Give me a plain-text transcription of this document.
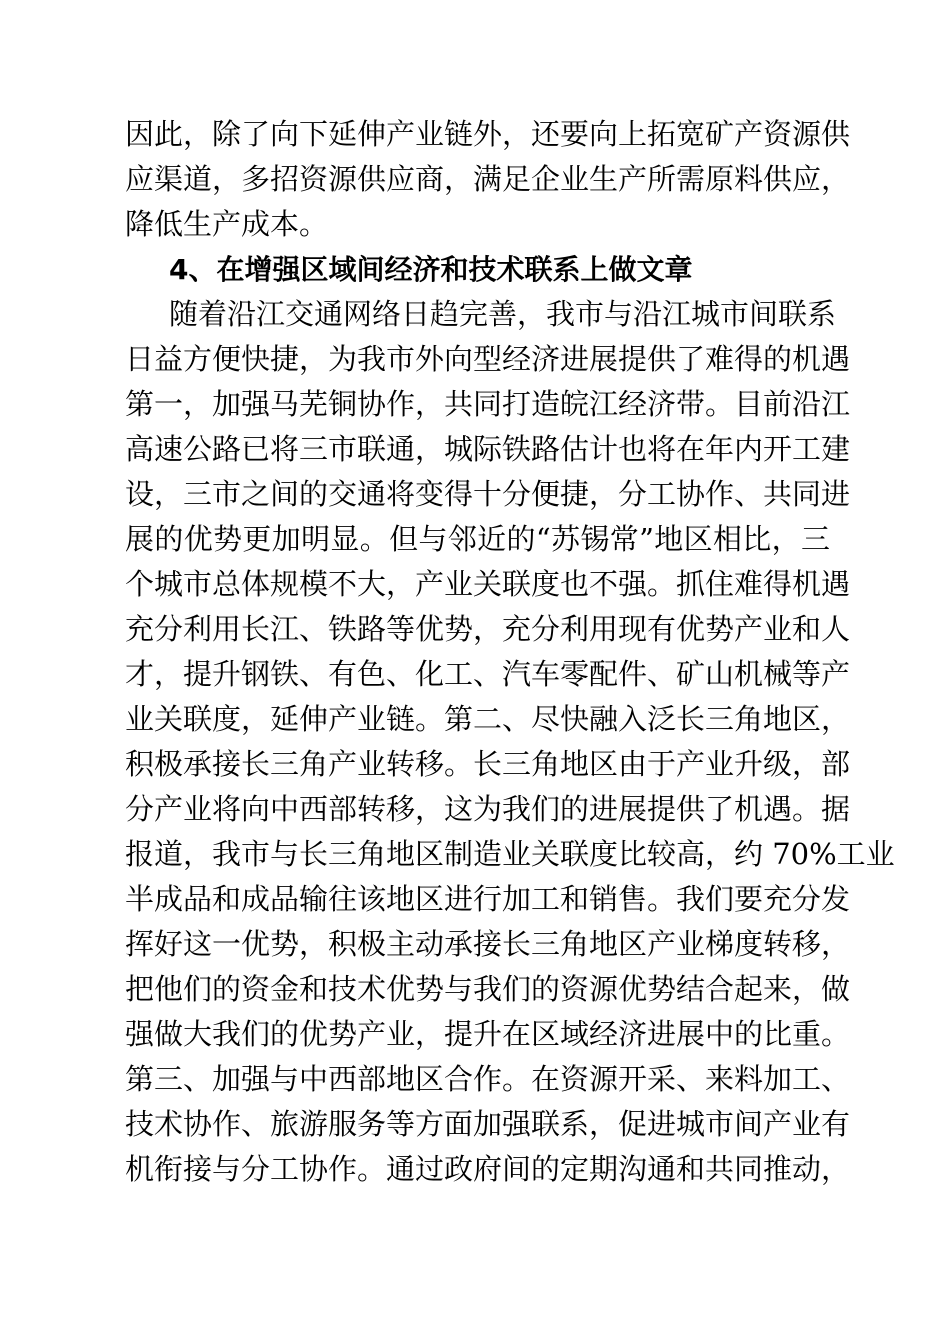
因此，除了向下延伸产业链外，还要向上拓宽矿产资源供
应渠道，多招资源供应商，满足企业生产所需原料供应，
降低生产成本。
4、在增强区域间经济和技术联系上做文章
随着沿江交通网络日趋完善，我市与沿江城市间联系
日益方便快捷，为我市外向型经济进展提供了难得的机遇
第一，加强马芜铜协作，共同打造皖江经济带。目前沿江
高速公路已将三市联通，城际铁路估计也将在年内开工建
设，三市之间的交通将变得十分便捷，分工协作、共同进
展的优势更加明显。但与邻近的“苏锡常”地区相比，三
个城市总体规模不大，产业关联度也不强。抓住难得机遇
充分利用长江、铁路等优势，充分利用现有优势产业和人
才，提升钢铁、有色、化工、汽车零配件、矿山机械等产
业关联度，延伸产业链。第二、尽快融入泛长三角地区，
积极承接长三角产业转移。长三角地区由于产业升级，部
分产业将向中西部转移，这为我们的进展提供了机遇。据
报道，我市与长三角地区制造业关联度比较高，约 70%工业
半成品和成品输往该地区进行加工和销售。我们要充分发
挥好这一优势，积极主动承接长三角地区产业梯度转移，
把他们的资金和技术优势与我们的资源优势结合起来，做
强做大我们的优势产业，提升在区域经济进展中的比重。
第三、加强与中西部地区合作。在资源开采、来料加工、
技术协作、旅游服务等方面加强联系，促进城市间产业有
机衔接与分工协作。通过政府间的定期沟通和共同推动，
